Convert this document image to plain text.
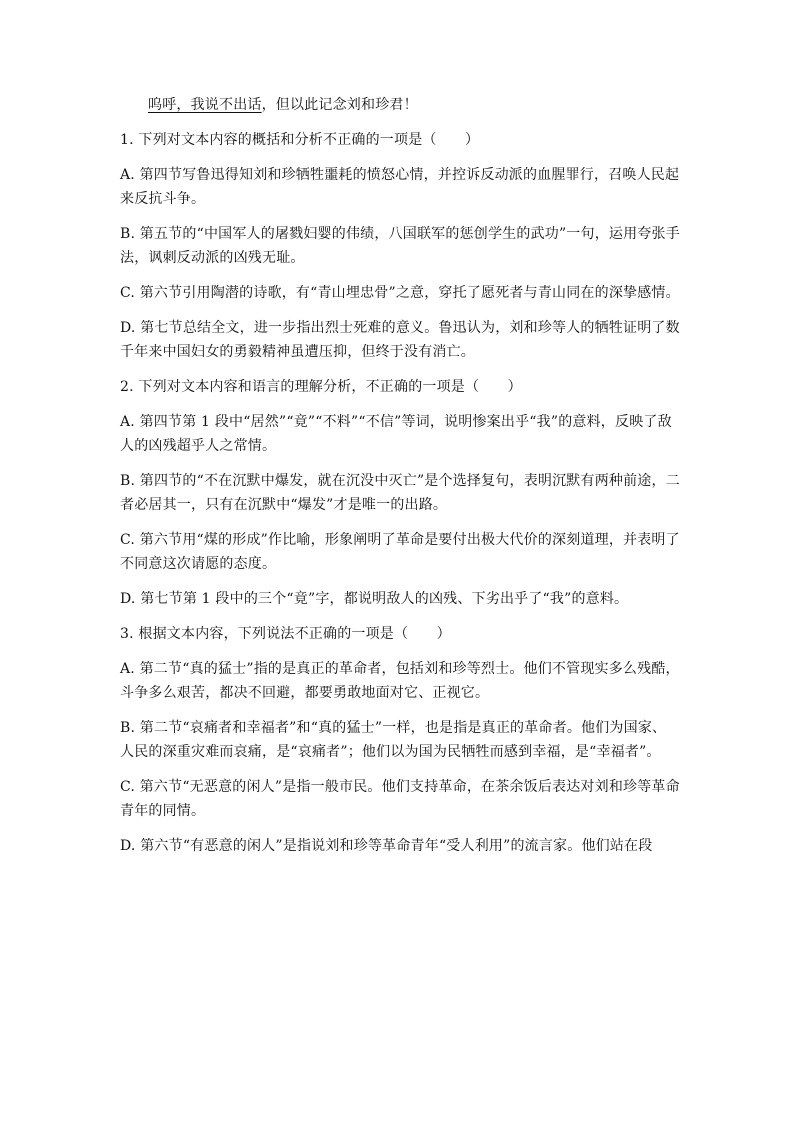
呜呼，我说不出话，但以此记念刘和珍君！

1. 下列对文本内容的概括和分析不正确的一项是（　　）

A. 第四节写鲁迅得知刘和珍牺牲噩耗的愤怒心情，并控诉反动派的血腥罪行，召唤人民起来反抗斗争。

B. 第五节的“中国军人的屠戮妇婴的伟绩，八国联军的惩创学生的武功”一句，运用夸张手法，讽刺反动派的凶残无耻。

C. 第六节引用陶潜的诗歌，有“青山埋忠骨”之意，穿托了愿死者与青山同在的深挚感情。

D. 第七节总结全文，进一步指出烈士死难的意义。鲁迅认为，刘和珍等人的牺牲证明了数千年来中国妇女的勇毅精神虽遭压抑，但终于没有消亡。

2. 下列对文本内容和语言的理解分析，不正确的一项是（　　）

A. 第四节第 1 段中“居然”“竟”“不料”“不信”等词，说明惨案出乎“我”的意料，反映了敌人的凶残超乎人之常情。

B. 第四节的“不在沉默中爆发，就在沉没中灭亡”是个选择复句，表明沉默有两种前途，二者必居其一，只有在沉默中“爆发”才是唯一的出路。

C. 第六节用“煤的形成”作比喻，形象阐明了革命是要付出极大代价的深刻道理，并表明了不同意这次请愿的态度。

D. 第七节第 1 段中的三个“竟”字，都说明敌人的凶残、下劣出乎了“我”的意料。

3. 根据文本内容，下列说法不正确的一项是（　　）

A. 第二节“真的猛士”指的是真正的革命者，包括刘和珍等烈士。他们不管现实多么残酷，斗争多么艰苦，都决不回避，都要勇敢地面对它、正视它。

B. 第二节“哀痛者和幸福者”和“真的猛士”一样，也是指是真正的革命者。他们为国家、人民的深重灾难而哀痛，是“哀痛者”；他们以为国为民牺牲而感到幸福，是“幸福者”。

C. 第六节“无恶意的闲人”是指一般市民。他们支持革命，在茶余饭后表达对刘和珍等革命青年的同情。

D. 第六节“有恶意的闲人”是指说刘和珍等革命青年“受人利用”的流言家。他们站在段
